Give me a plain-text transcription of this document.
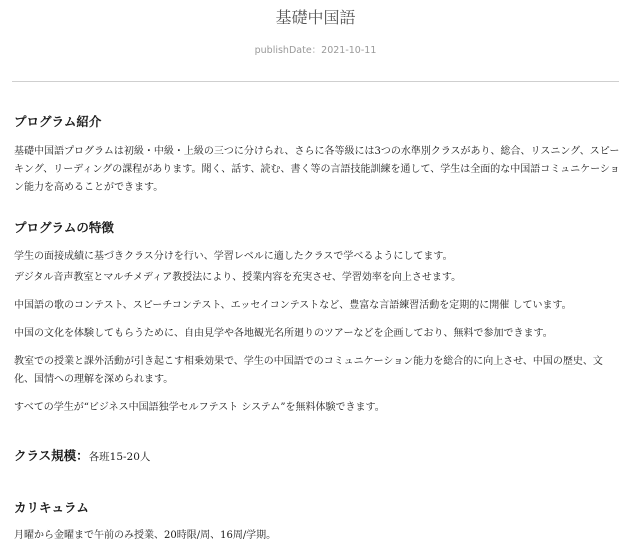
基礎中国語
publishDate：2021-10-11
プログラム紹介

基礎中国語プログラムは初級・中級・上級の三つに分けられ、さらに各等級には3つの水準別クラスがあり、総合、リスニング、スピーキング、リーディングの課程があります。聞く、話す、読む、書く等の言語技能訓練を通して、学生は全面的な中国語コミュニケーション能力を高めることができます。

プログラムの特徴

学生の面接成績に基づきクラス分けを行い、学習レベルに適したクラスで学べるようにしてます。

デジタル音声教室とマルチメディア教授法により、授業内容を充実させ、学習効率を向上させます。

中国語の歌のコンテスト、スピーチコンテスト、エッセイコンテストなど、豊富な言語練習活動を定期的に開催 しています。

中国の文化を体験してもらうために、自由見学や各地観光名所廻りのツアーなどを企画しており、無料で参加できます。

教室での授業と課外活動が引き起こす相乗効果で、学生の中国語でのコミュニケーション能力を総合的に向上させ、中国の歴史、文化、国情への理解を深められます。

すべての学生が“ビジネス中国語独学セルフテスト システム”を無料体験できます。

クラス規模：各班15-20人
カリキュラム

月曜から金曜まで午前のみ授業、20時限/周、16周/学期。
